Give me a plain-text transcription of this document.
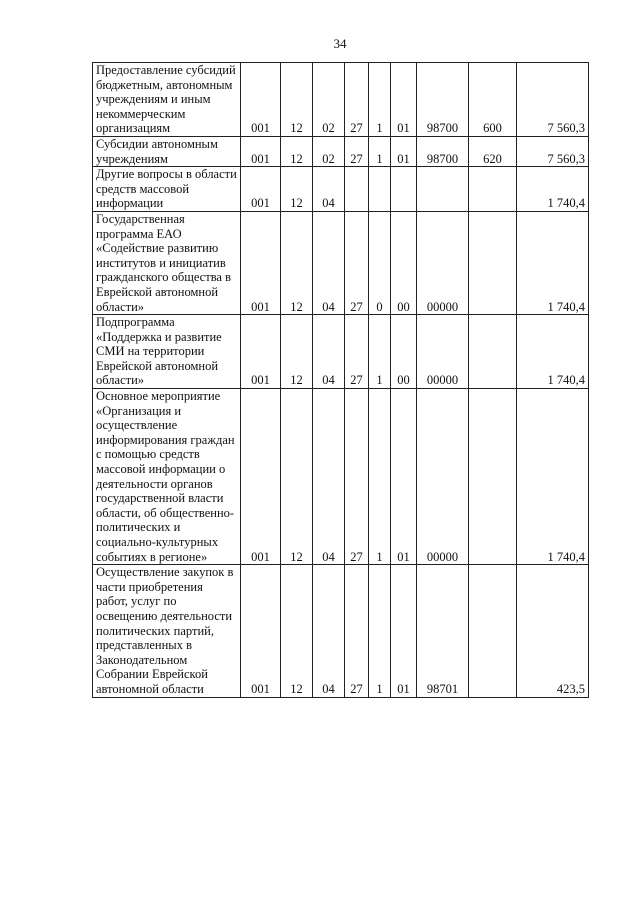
34
Предоставление субсидий бюджетным, автономным учреждениям и иным некоммерческим организациям	001	12	02	27	1	01	98700	600	7 560,3
Субсидии автономным учреждениям	001	12	02	27	1	01	98700	620	7 560,3
Другие вопросы в области средств массовой информации	001	12	04						1 740,4
Государственная программа ЕАО «Содействие развитию институтов и инициатив гражданского общества в Еврейской автономной области»	001	12	04	27	0	00	00000		1 740,4
Подпрограмма «Поддержка и развитие СМИ на территории Еврейской автономной области»	001	12	04	27	1	00	00000		1 740,4
Основное мероприятие «Организация и осуществление информирования граждан с помощью средств массовой информации о деятельности органов государственной власти области, об общественно-политических и социально-культурных событиях в регионе»	001	12	04	27	1	01	00000		1 740,4
Осуществление закупок в части приобретения работ, услуг по освещению деятельности политических партий, представленных в Законодательном Собрании Еврейской автономной области	001	12	04	27	1	01	98701		423,5
